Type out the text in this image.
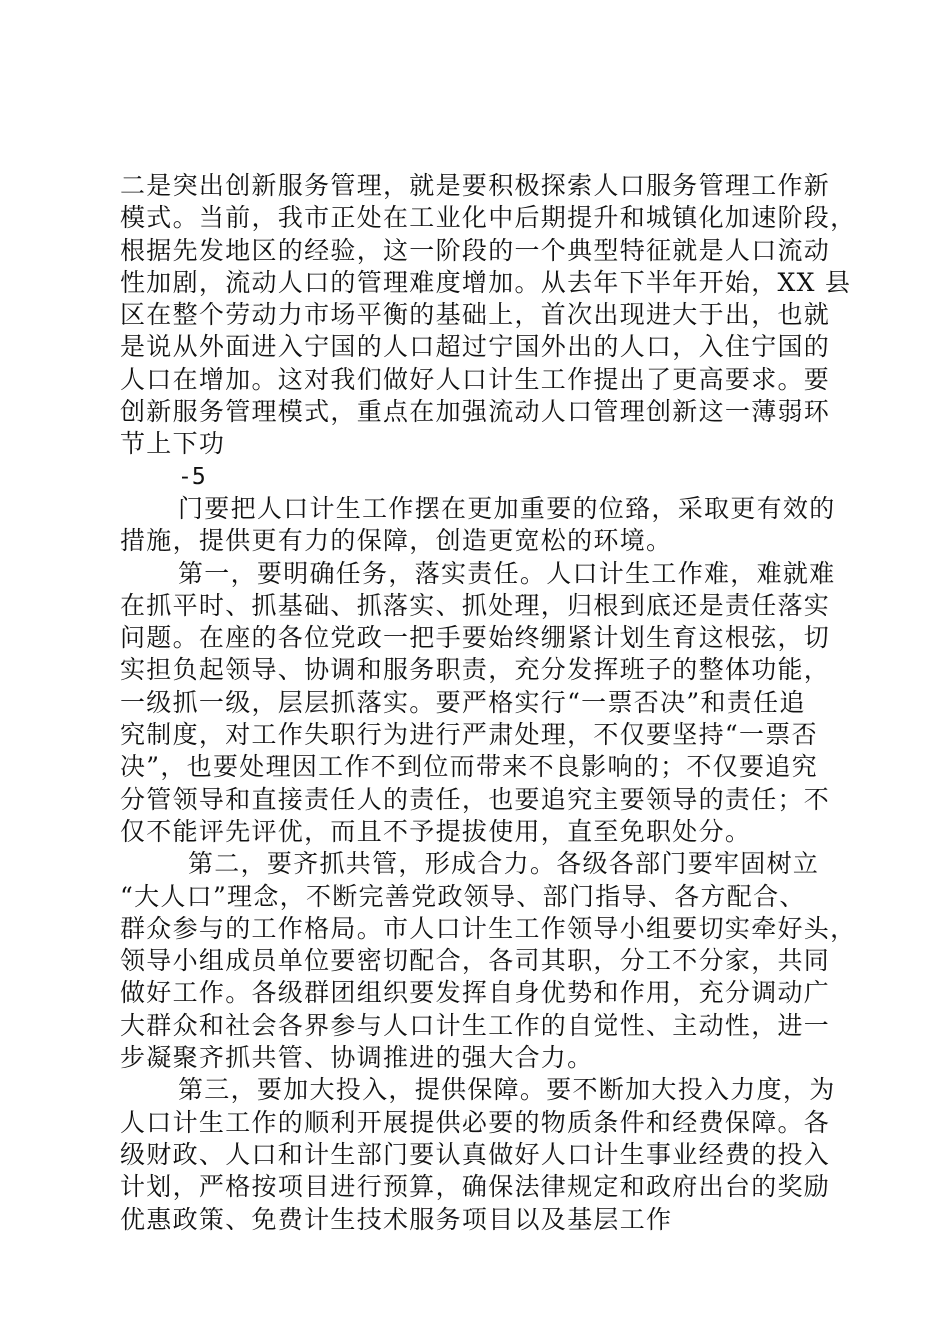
二是突出创新服务管理，就是要积极探索人口服务管理工作新
模式。当前，我市正处在工业化中后期提升和城镇化加速阶段，
根据先发地区的经验，这一阶段的一个典型特征就是人口流动
性加剧，流动人口的管理难度增加。从去年下半年开始，XX 县
区在整个劳动力市场平衡的基础上，首次出现进大于出，也就
是说从外面进入宁国的人口超过宁国外出的人口，入住宁国的
人口在增加。这对我们做好人口计生工作提出了更高要求。要
创新服务管理模式，重点在加强流动人口管理创新这一薄弱环
节上下功
-5
门要把人口计生工作摆在更加重要的位臵，采取更有效的
措施，提供更有力的保障，创造更宽松的环境。
第一，要明确任务，落实责任。人口计生工作难，难就难
在抓平时、抓基础、抓落实、抓处理，归根到底还是责任落实
问题。在座的各位党政一把手要始终绷紧计划生育这根弦，切
实担负起领导、协调和服务职责，充分发挥班子的整体功能，
一级抓一级，层层抓落实。要严格实行“一票否决”和责任追
究制度，对工作失职行为进行严肃处理，不仅要坚持“一票否
决”，也要处理因工作不到位而带来不良影响的；不仅要追究
分管领导和直接责任人的责任，也要追究主要领导的责任；不
仅不能评先评优，而且不予提拔使用，直至免职处分。
第二，要齐抓共管，形成合力。各级各部门要牢固树立
“大人口”理念，不断完善党政领导、部门指导、各方配合、
群众参与的工作格局。市人口计生工作领导小组要切实牵好头，
领导小组成员单位要密切配合，各司其职，分工不分家，共同
做好工作。各级群团组织要发挥自身优势和作用，充分调动广
大群众和社会各界参与人口计生工作的自觉性、主动性，进一
步凝聚齐抓共管、协调推进的强大合力。
第三，要加大投入，提供保障。要不断加大投入力度，为
人口计生工作的顺利开展提供必要的物质条件和经费保障。各
级财政、人口和计生部门要认真做好人口计生事业经费的投入
计划，严格按项目进行预算，确保法律规定和政府出台的奖励
优惠政策、免费计生技术服务项目以及基层工作
